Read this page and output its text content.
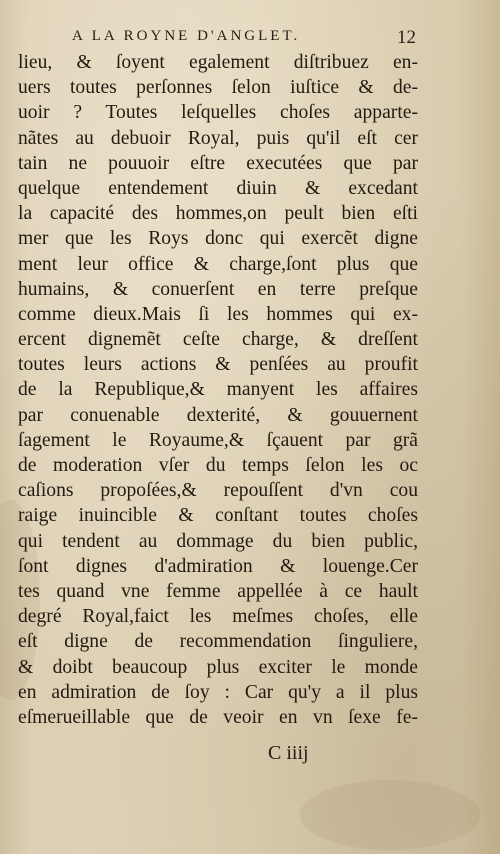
A LA ROYNE D'ANGLET.	12
lieu, & ſoyent egalement diſtribuez en-
uers toutes perſonnes ſelon iuſtice & de-
uoir ? Toutes leſquelles choſes apparte-
nãtes au debuoir Royal, puis qu'il eſt cer
tain ne pouuoir eſtre executées que par
quelque entendement diuin & excedant
la capacité des hommes,on peult bien eſti
mer que les Roys donc qui exercẽt digne
ment leur office & charge,ſont plus que
humains, & conuerſent en terre preſque
comme dieux.Mais ſi les hommes qui ex-
ercent dignemẽt ceſte charge, & dreſſent
toutes leurs actions & penſées au proufit
de la Republique,& manyent les affaires
par conuenable dexterité, & gouuernent
ſagement le Royaume,& ſçauent par grã
de moderation vſer du temps ſelon les oc
caſions propoſées,& repouſſent d'vn cou
raige inuincible & conſtant toutes choſes
qui tendent au dommage du bien public,
ſont dignes d'admiration & louenge.Cer
tes quand vne femme appellée à ce hault
degré Royal,faict les meſmes choſes, elle
eſt digne de recommendation ſinguliere,
& doibt beaucoup plus exciter le monde
en admiration de ſoy : Car qu'y a il plus
eſmerueillable que de veoir en vn ſexe fe-
C iiij
